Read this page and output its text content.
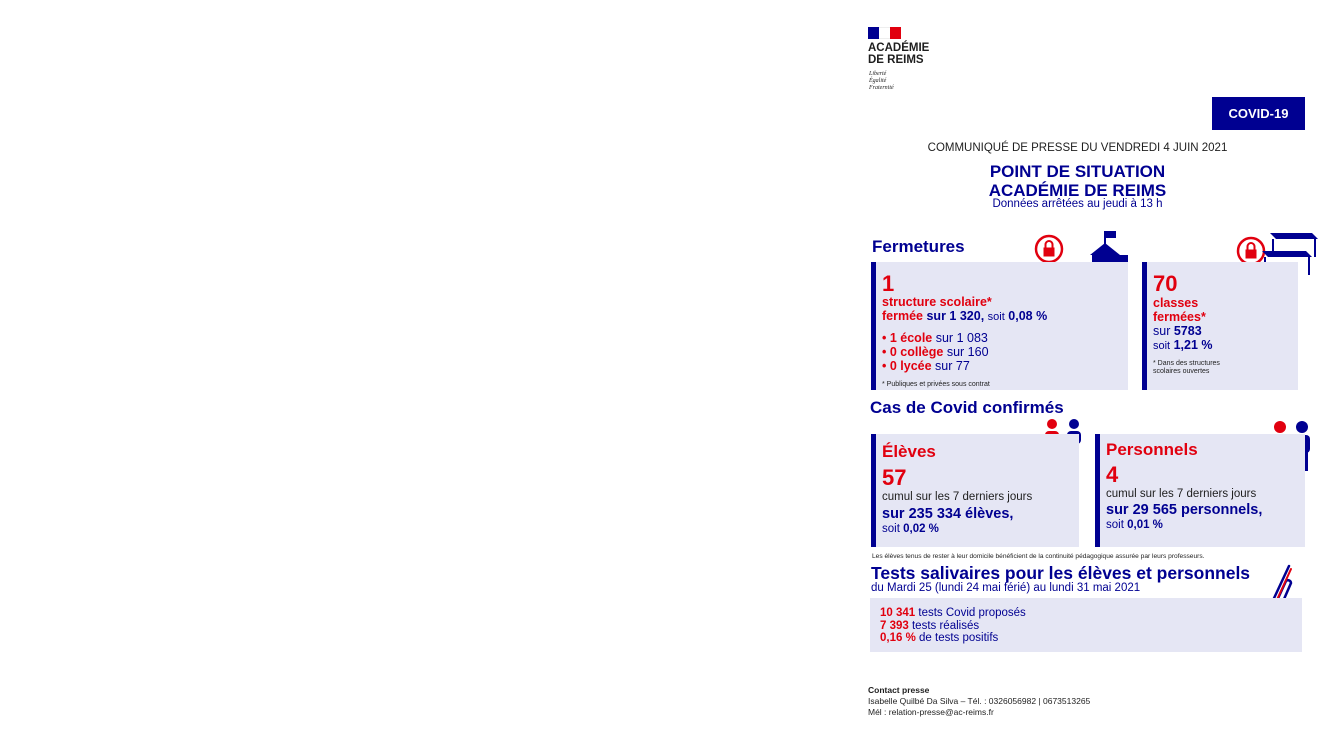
ACADÉMIE
DE REIMS
Liberté
Égalité
Fraternité
COVID-19
COMMUNIQUÉ DE PRESSE DU VENDREDI 4 JUIN 2021
POINT DE SITUATION
ACADÉMIE DE REIMS
Données arrêtées au jeudi à 13 h
Fermetures
1
structure scolaire*
fermée sur 1 320, soit 0,08 %
• 1 école sur 1 083
• 0 collège sur 160
• 0 lycée sur 77
* Publiques et privées sous contrat
70
classes
fermées*
sur 5783
soit 1,21 %
* Dans des structures
scolaires ouvertes
Cas de Covid confirmés
Élèves
57
cumul sur les 7 derniers jours
sur 235 334 élèves,
soit 0,02 %
Personnels
4
cumul sur les 7 derniers jours
sur 29 565 personnels,
soit 0,01 %
Les élèves tenus de rester à leur domicile bénéficient de la continuité pédagogique assurée par leurs professeurs.
Tests salivaires pour les élèves et personnels
du Mardi 25 (lundi 24 mai férié) au lundi 31 mai 2021
10 341 tests Covid proposés
7 393 tests réalisés
0,16 % de tests positifs
Contact presse
Isabelle Quilbé Da Silva – Tél. : 0326056982 | 0673513265
Mél : relation-presse@ac-reims.fr
